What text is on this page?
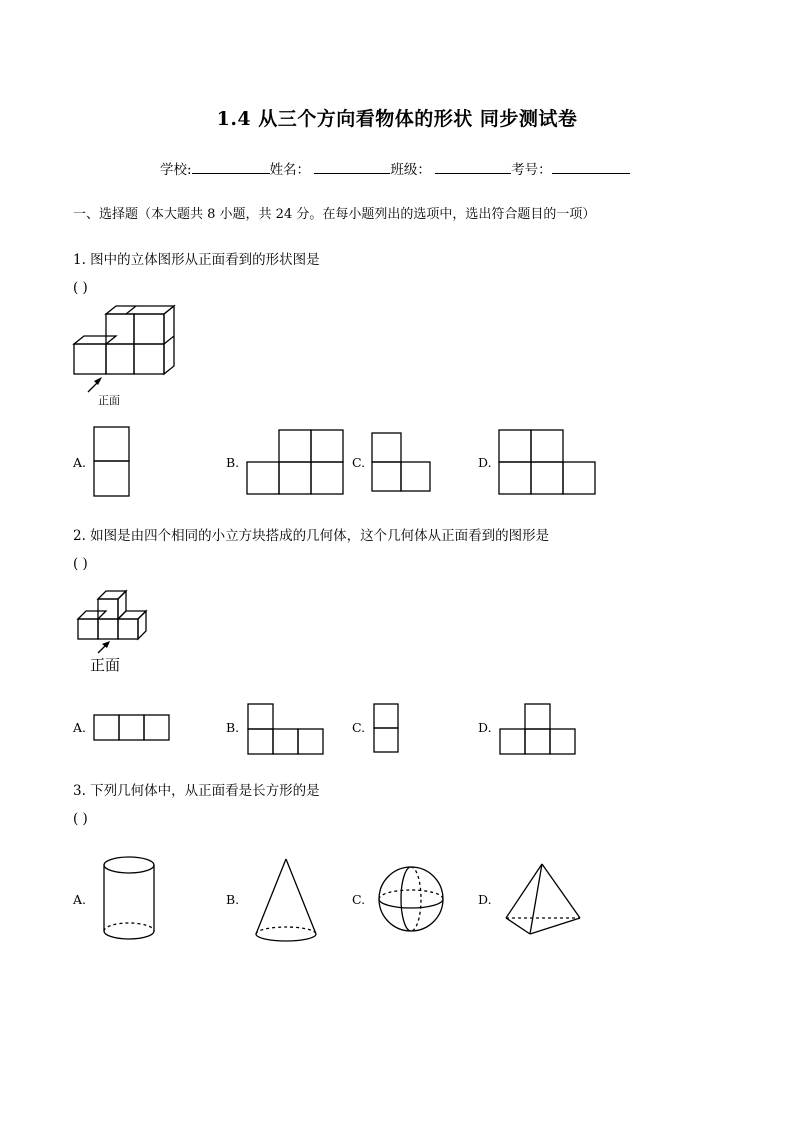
1.4 从三个方向看物体的形状 同步测试卷
学校:	姓名：	班级：	考号：
一、选择题（本大题共 8 小题，共 24 分。在每小题列出的选项中，选出符合题目的一项）
1. 图中的立体图形从正面看到的形状图是
( )
正面
A.	B.	C.	D.
2. 如图是由四个相同的小立方块搭成的几何体，这个几何体从正面看到的图形是
( )
正面
A.	B.	C.	D.
3. 下列几何体中，从正面看是长方形的是
( )
A.	B.	C.	D.
